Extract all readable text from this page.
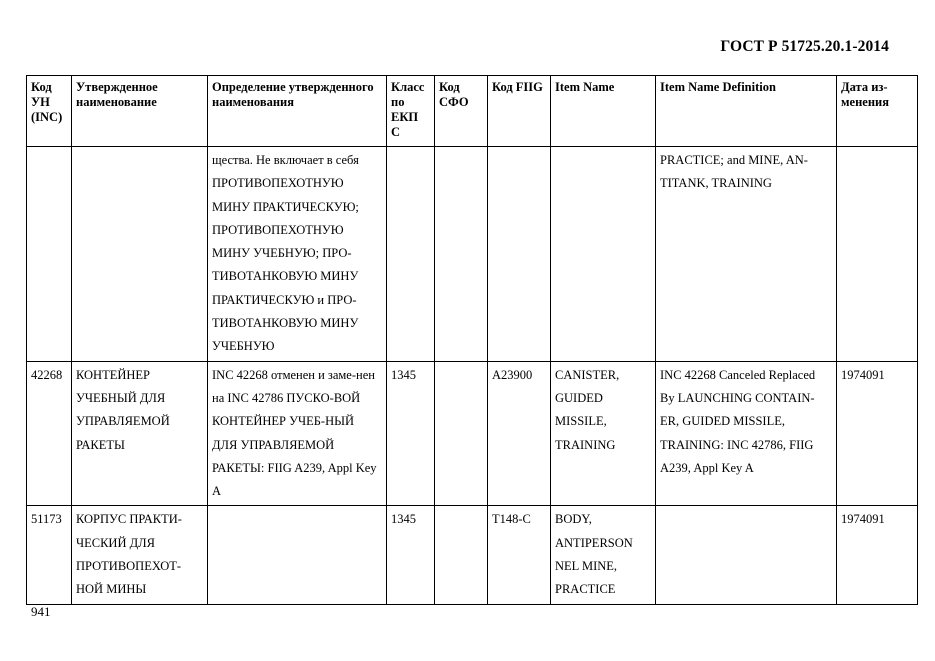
ГОСТ Р 51725.20.1-2014
Код УН (INC)	Утвержденное наименование	Определение утвержденного наименования	Класс по ЕКП С	Код СФО	Код FIIG	Item Name	Item Name Definition	Дата из-менения
		щества. Не включает в себя ПРОТИВОПЕХОТНУЮ МИНУ ПРАКТИЧЕСКУЮ; ПРОТИВОПЕХОТНУЮ МИНУ УЧЕБНУЮ; ПРО-ТИВОТАНКОВУЮ МИНУ ПРАКТИЧЕСКУЮ и ПРО-ТИВОТАНКОВУЮ МИНУ УЧЕБНУЮ					PRACTICE; and MINE, AN-TITANK, TRAINING	
42268	КОНТЕЙНЕР УЧЕБНЫЙ ДЛЯ УПРАВЛЯЕМОЙ РАКЕТЫ	INC 42268 отменен и заме-нен на INC 42786 ПУСКО-ВОЙ КОНТЕЙНЕР УЧЕБ-НЫЙ ДЛЯ УПРАВЛЯЕМОЙ РАКЕТЫ: FIIG A239, Appl Key A	1345		A23900	CANISTER, GUIDED MISSILE, TRAINING	INC 42268 Canceled Replaced By LAUNCHING CONTAIN-ER, GUIDED MISSILE, TRAINING: INC 42786, FIIG A239, Appl Key A	1974091
51173	КОРПУС ПРАКТИ-ЧЕСКИЙ ДЛЯ ПРОТИВОПЕХОТ-НОЙ МИНЫ		1345		T148-C	BODY, ANTIPERSON NEL MINE, PRACTICE		1974091
941
